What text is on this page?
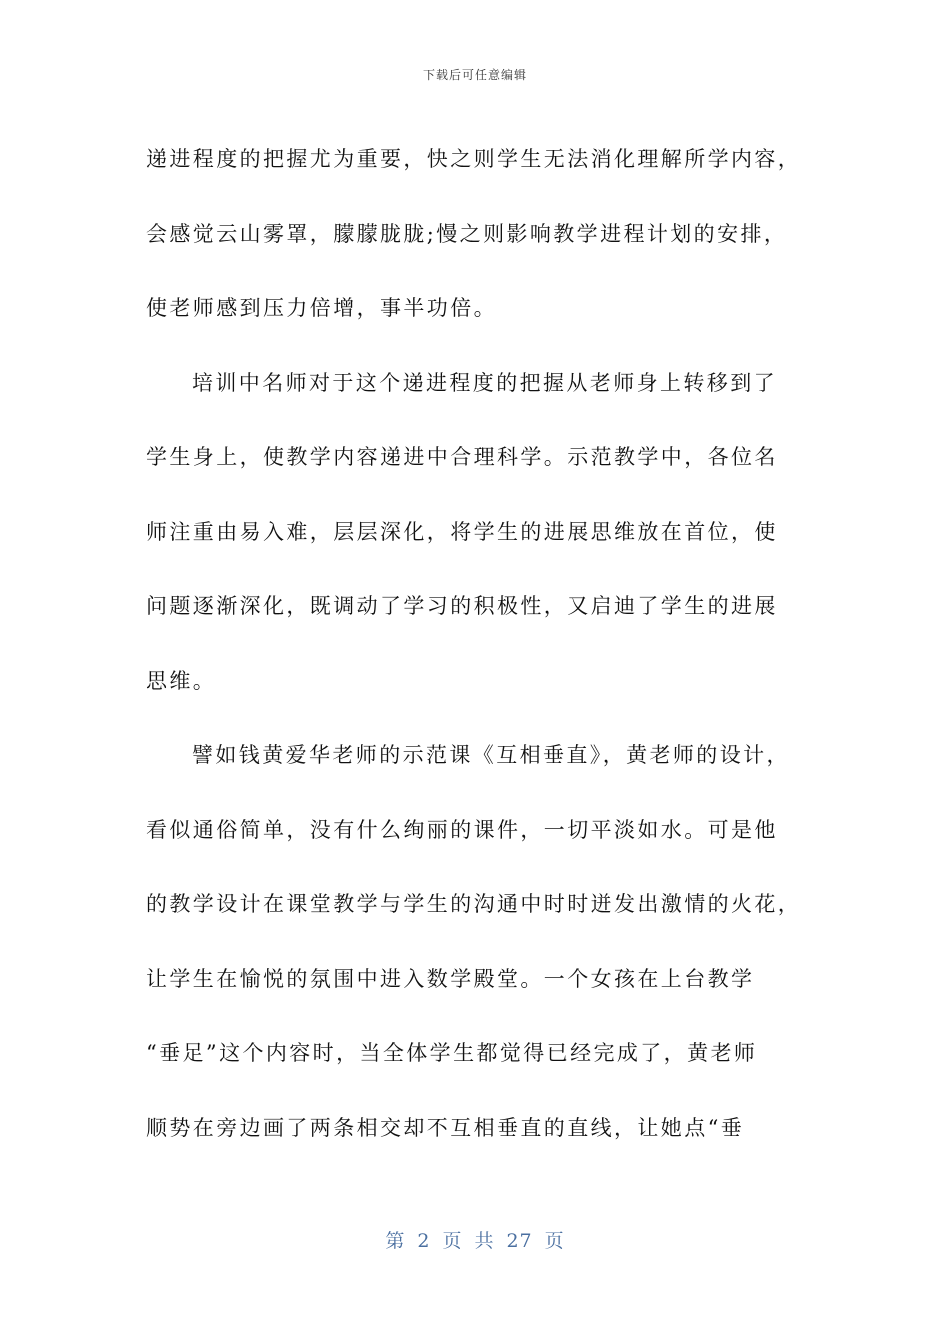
下载后可任意编辑
递进程度的把握尤为重要，快之则学生无法消化理解所学内容，
会感觉云山雾罩，朦朦胧胧;慢之则影响教学进程计划的安排，
使老师感到压力倍增，事半功倍。
培训中名师对于这个递进程度的把握从老师身上转移到了
学生身上，使教学内容递进中合理科学。示范教学中，各位名
师注重由易入难，层层深化，将学生的进展思维放在首位，使
问题逐渐深化，既调动了学习的积极性，又启迪了学生的进展
思维。
譬如钱黄爱华老师的示范课《互相垂直》，黄老师的设计，
看似通俗简单，没有什么绚丽的课件，一切平淡如水。可是他
的教学设计在课堂教学与学生的沟通中时时迸发出激情的火花，
让学生在愉悦的氛围中进入数学殿堂。一个女孩在上台教学
“垂足”这个内容时，当全体学生都觉得已经完成了，黄老师
顺势在旁边画了两条相交却不互相垂直的直线，让她点“垂
第 2 页 共 27 页
